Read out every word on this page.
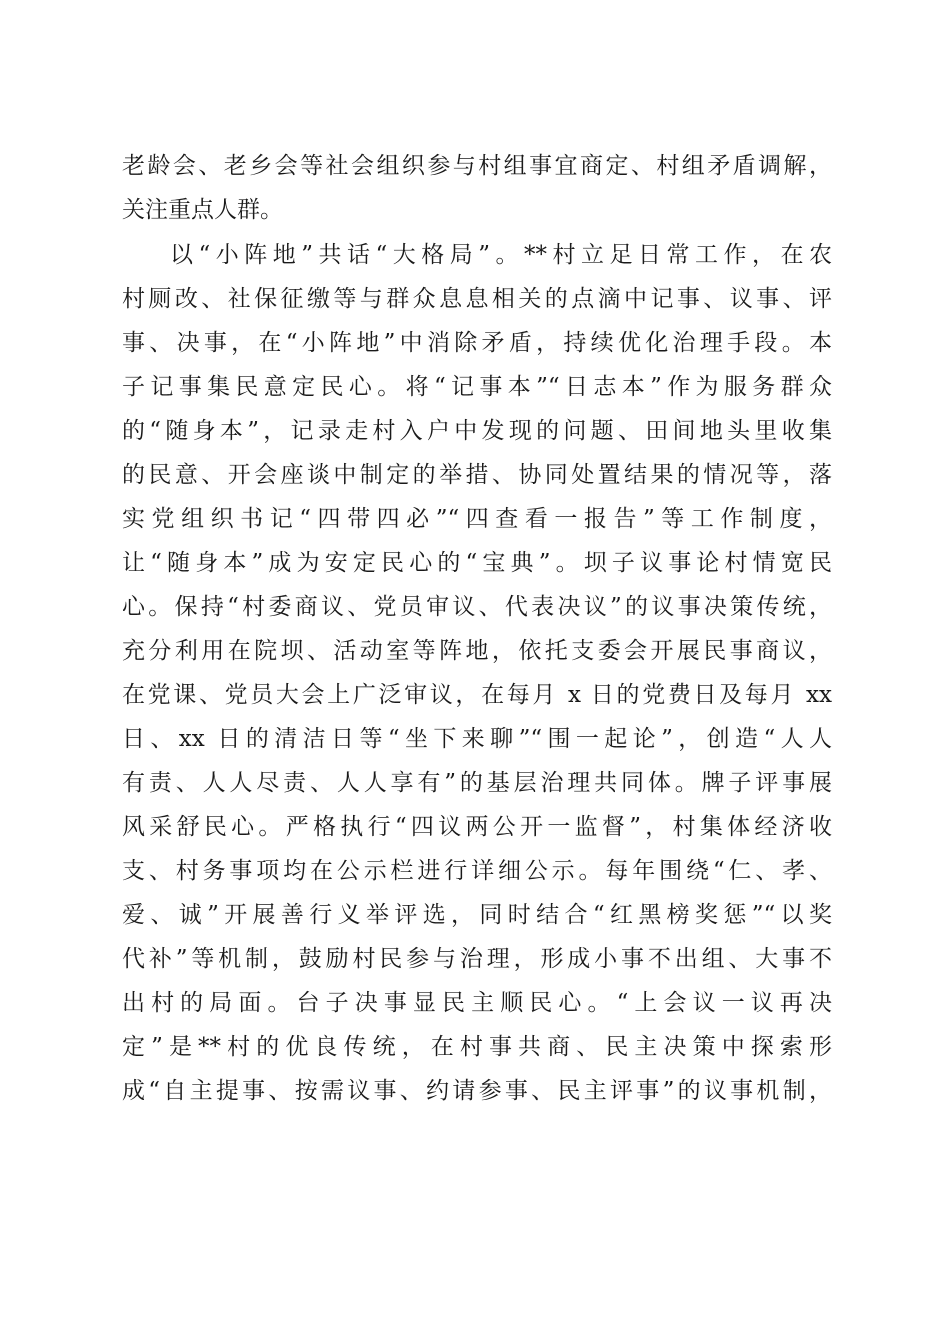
老龄会、老乡会等社会组织参与村组事宜商定、村组矛盾调解，
关注重点人群。
以“小阵地”共话“大格局”。**村立足日常工作，在农
村厕改、社保征缴等与群众息息相关的点滴中记事、议事、评
事、决事，在“小阵地”中消除矛盾，持续优化治理手段。本
子记事集民意定民心。将“记事本”“日志本”作为服务群众
的“随身本”，记录走村入户中发现的问题、田间地头里收集
的民意、开会座谈中制定的举措、协同处置结果的情况等，落
实党组织书记“四带四必”“四查看一报告”等工作制度，
让“随身本”成为安定民心的“宝典”。坝子议事论村情宽民
心。保持“村委商议、党员审议、代表决议”的议事决策传统，
充分利用在院坝、活动室等阵地，依托支委会开展民事商议，
在党课、党员大会上广泛审议，在每月 x 日的党费日及每月 xx
日、xx 日的清洁日等“坐下来聊”“围一起论”，创造“人人
有责、人人尽责、人人享有”的基层治理共同体。牌子评事展
风采舒民心。严格执行“四议两公开一监督”，村集体经济收
支、村务事项均在公示栏进行详细公示。每年围绕“仁、孝、
爱、诚”开展善行义举评选，同时结合“红黑榜奖惩”“以奖
代补”等机制，鼓励村民参与治理，形成小事不出组、大事不
出村的局面。台子决事显民主顺民心。“上会议一议再决
定”是**村的优良传统，在村事共商、民主决策中探索形
成“自主提事、按需议事、约请参事、民主评事”的议事机制，
